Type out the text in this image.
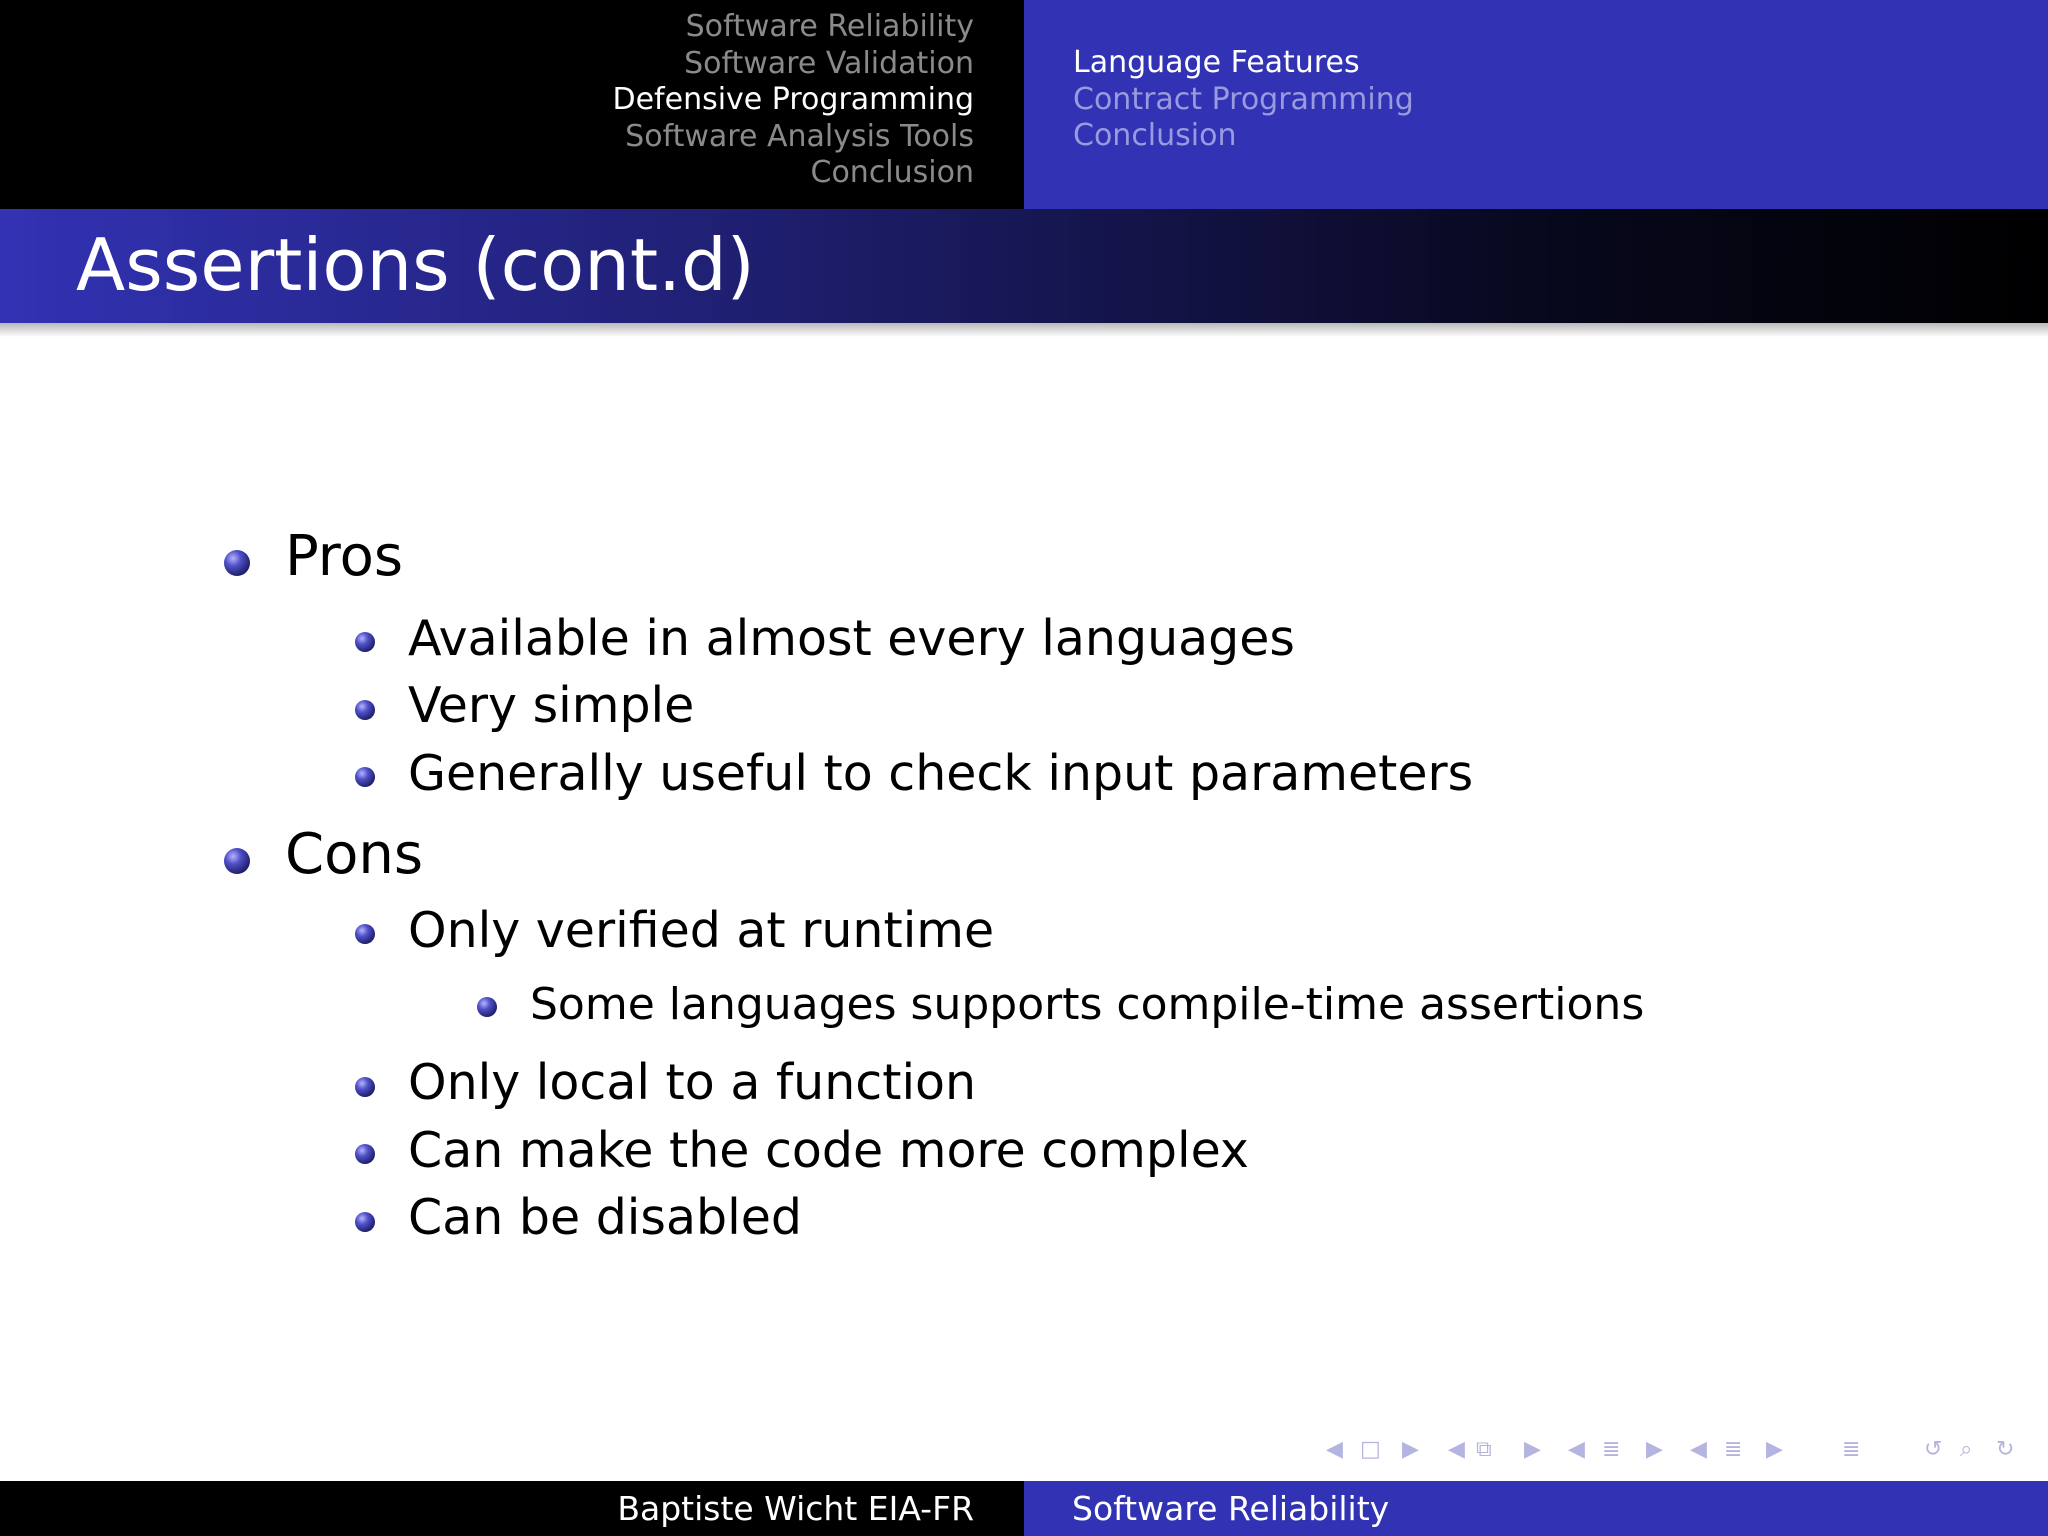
Software Reliability
Software Validation
Defensive Programming
Software Analysis Tools
Conclusion
Language Features
Contract Programming
Conclusion
Assertions (cont.d)
Pros
Available in almost every languages
Very simple
Generally useful to check input parameters
Cons
Only verified at runtime
Some languages supports compile-time assertions
Only local to a function
Can make the code more complex
Can be disabled
◀ □ ▶ ◀ ⧉ ▶ ◀ ≣ ▶ ◀ ≣ ▶	≣	↺ ⌕ ↻
Baptiste Wicht EIA-FR	Software Reliability
